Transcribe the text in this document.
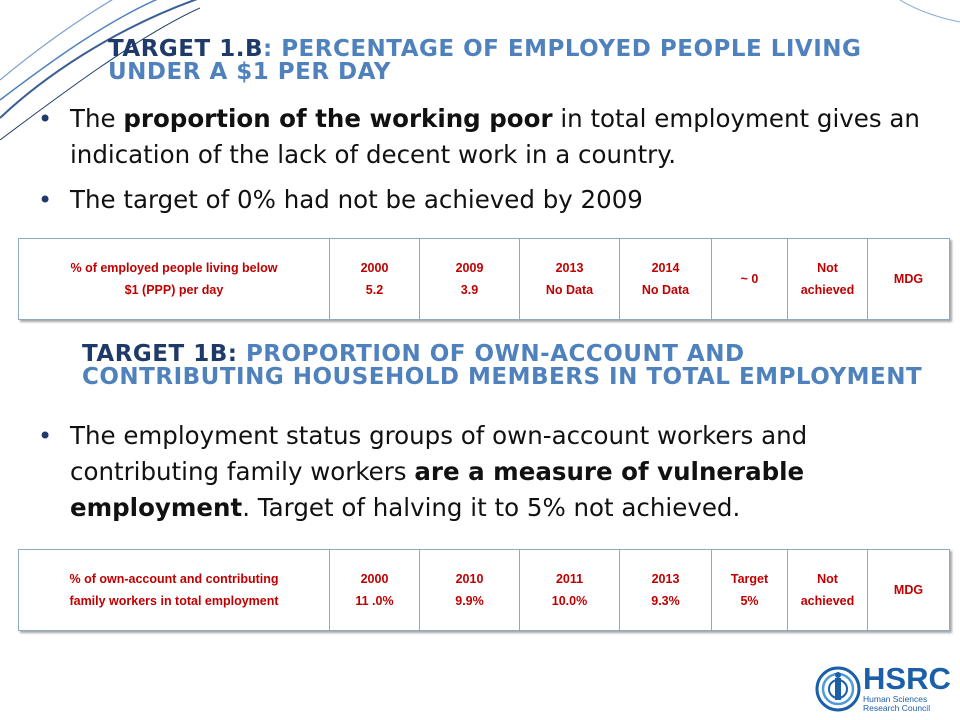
TARGET 1.B: PERCENTAGE OF EMPLOYED PEOPLE LIVING UNDER A $1 PER DAY
• The proportion of the working poor in total employment gives an indication of the lack of decent work in a country.
• The target of 0% had not be achieved by 2009
% of employed people living below
$1 (PPP) per day

2000
5.2

2009
3.9

2013
No Data

2014
No Data

~ 0

Not
achieved

MDG
TARGET 1B: PROPORTION OF OWN-ACCOUNT AND CONTRIBUTING HOUSEHOLD MEMBERS IN TOTAL EMPLOYMENT
• The employment status groups of own-account workers and contributing family workers are a measure of vulnerable employment. Target of halving it to 5% not achieved.
% of own-account and contributing
family workers in total employment

2000
11 .0%

2010
9.9%

2011
10.0%

2013
9.3%

Target
5%

Not
achieved

MDG
HSRC
Human Sciences
Research Council
